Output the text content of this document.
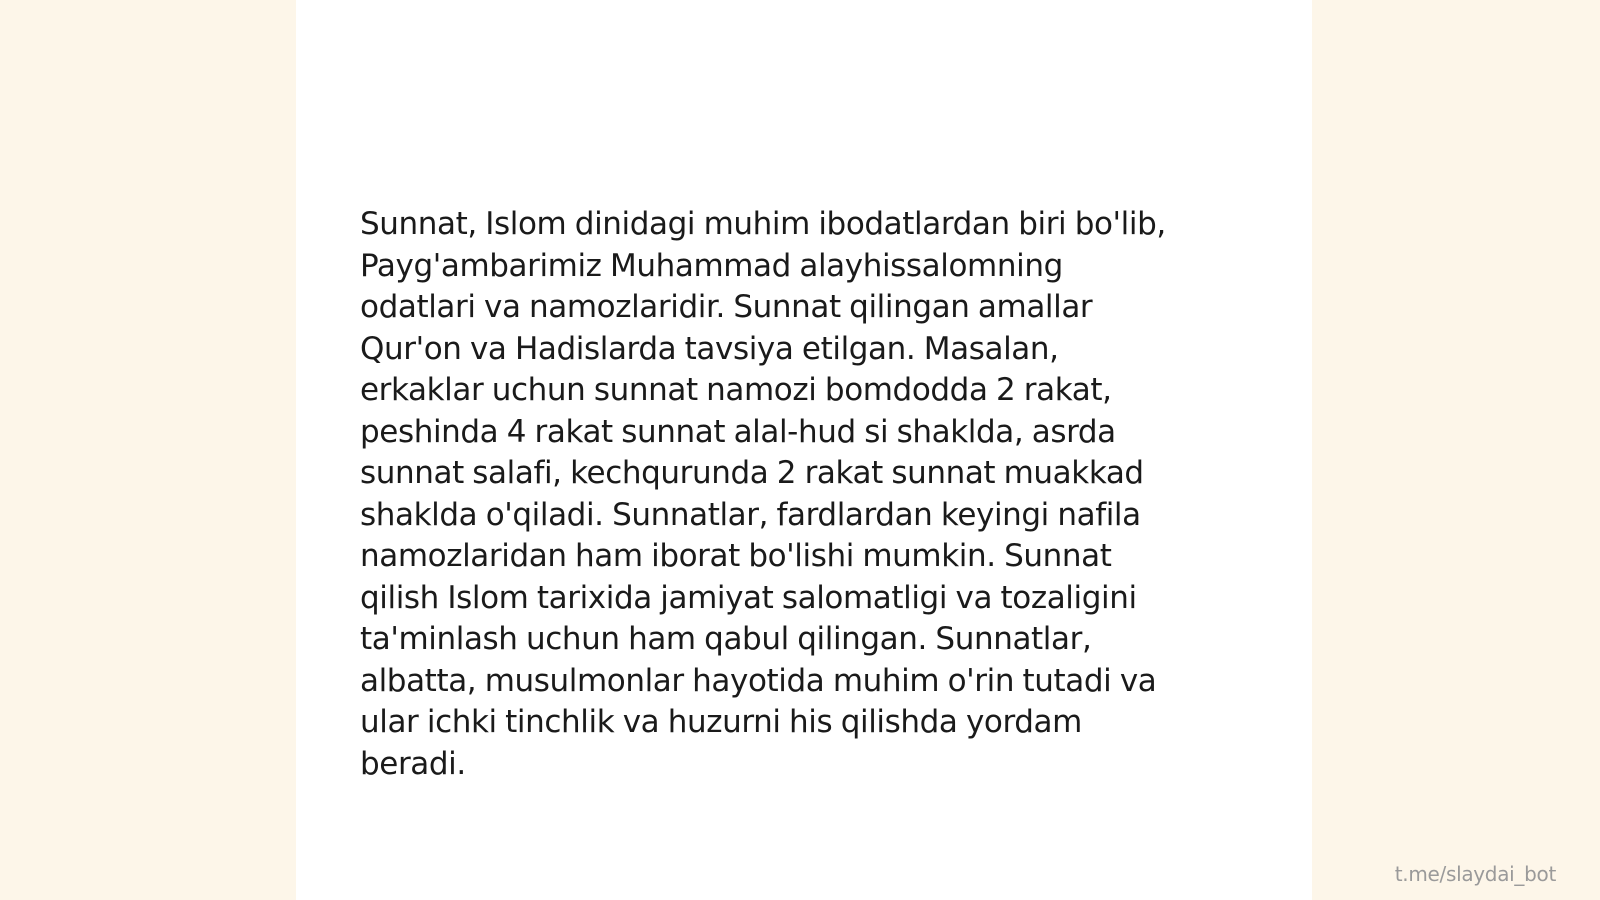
Sunnat, Islom dinidagi muhim ibodatlardan biri bo'lib,
Payg'ambarimiz Muhammad alayhissalomning
odatlari va namozlaridir. Sunnat qilingan amallar
Qur'on va Hadislarda tavsiya etilgan. Masalan,
erkaklar uchun sunnat namozi bomdodda 2 rakat,
peshinda 4 rakat sunnat alal-hud si shaklda, asrda
sunnat salafi, kechqurunda 2 rakat sunnat muakkad
shaklda o'qiladi. Sunnatlar, fardlardan keyingi nafila
namozlaridan ham iborat bo'lishi mumkin. Sunnat
qilish Islom tarixida jamiyat salomatligi va tozaligini
ta'minlash uchun ham qabul qilingan. Sunnatlar,
albatta, musulmonlar hayotida muhim o'rin tutadi va
ular ichki tinchlik va huzurni his qilishda yordam
beradi.

t.me/slaydai_bot
